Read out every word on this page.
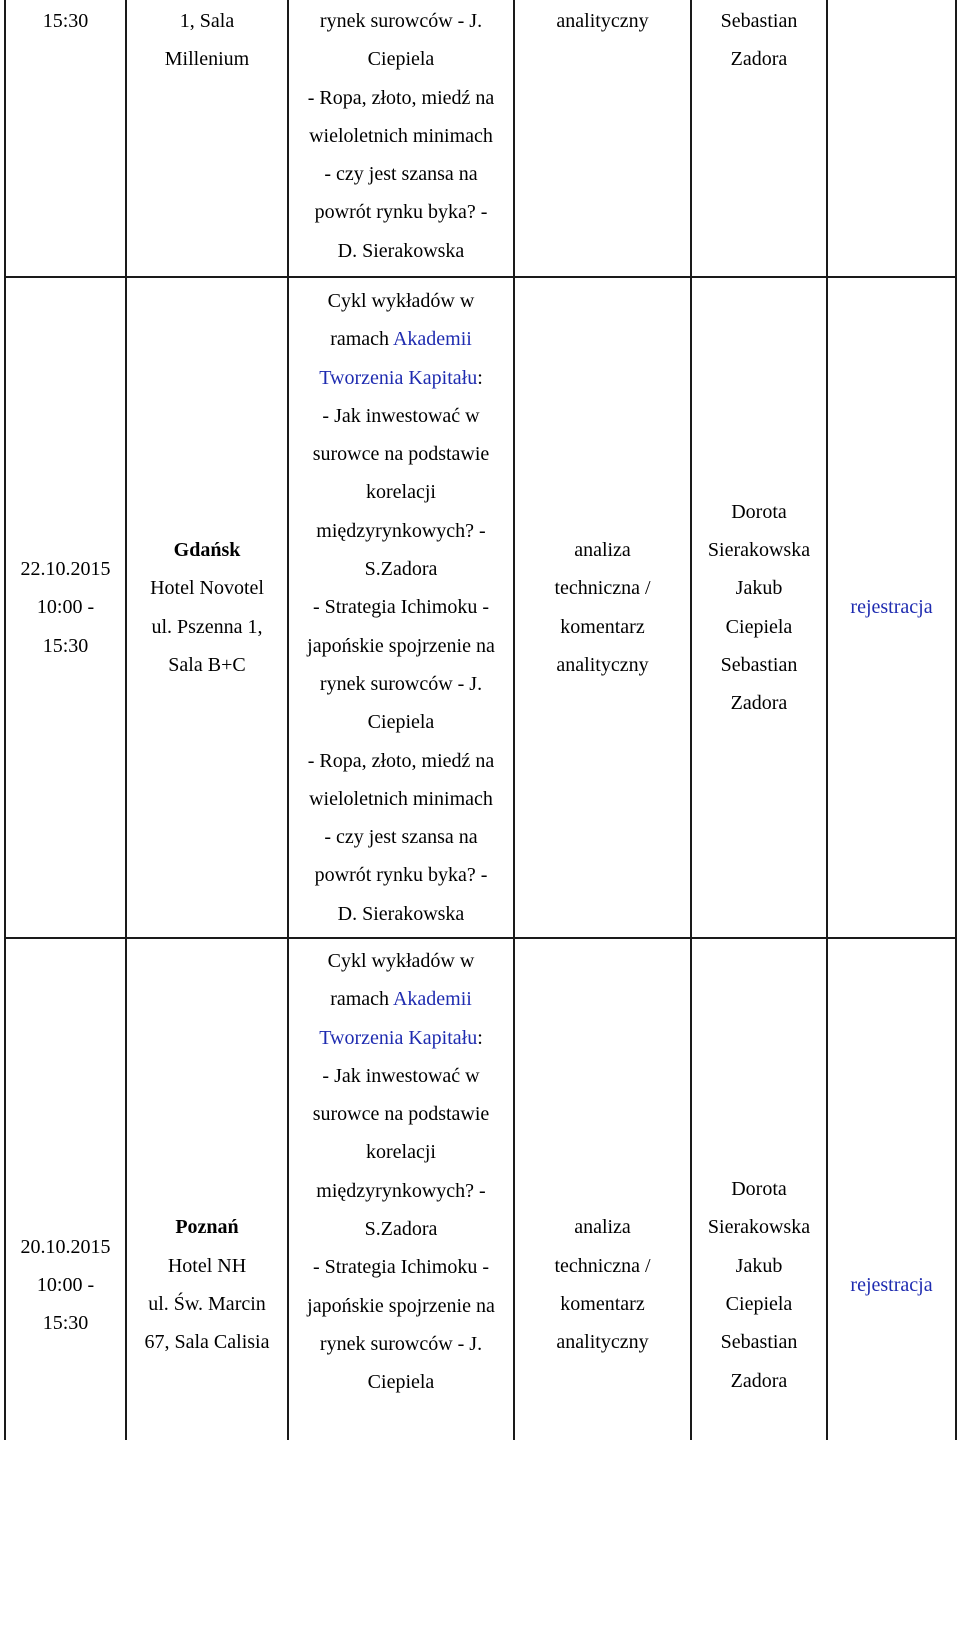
15:30	1, Sala
Millenium
rynek surowców - J.
Ciepiela
- Ropa, złoto, miedź na
wieloletnich minimach
- czy jest szansa na
powrót rynku byka? -
D. Sierakowska
analityczny	Sebastian
Zadora
22.10.2015
10:00 -
15:30
Gdańsk
Hotel Novotel
ul. Pszenna 1,
Sala B+C
Cykl wykładów w
ramach Akademii
Tworzenia Kapitału:
- Jak inwestować w
surowce na podstawie
korelacji
międzyrynkowych? -
S.Zadora
- Strategia Ichimoku -
japońskie spojrzenie na
rynek surowców - J.
Ciepiela
- Ropa, złoto, miedź na
wieloletnich minimach
- czy jest szansa na
powrót rynku byka? -
D. Sierakowska
analiza
techniczna /
komentarz
analityczny
Dorota
Sierakowska
Jakub
Ciepiela
Sebastian
Zadora
rejestracja
20.10.2015
10:00 -
15:30
Poznań
Hotel NH
ul. Św. Marcin
67, Sala Calisia
Cykl wykładów w
ramach Akademii
Tworzenia Kapitału:
- Jak inwestować w
surowce na podstawie
korelacji
międzyrynkowych? -
S.Zadora
- Strategia Ichimoku -
japońskie spojrzenie na
rynek surowców - J.
Ciepiela
analiza
techniczna /
komentarz
analityczny
Dorota
Sierakowska
Jakub
Ciepiela
Sebastian
Zadora
rejestracja
